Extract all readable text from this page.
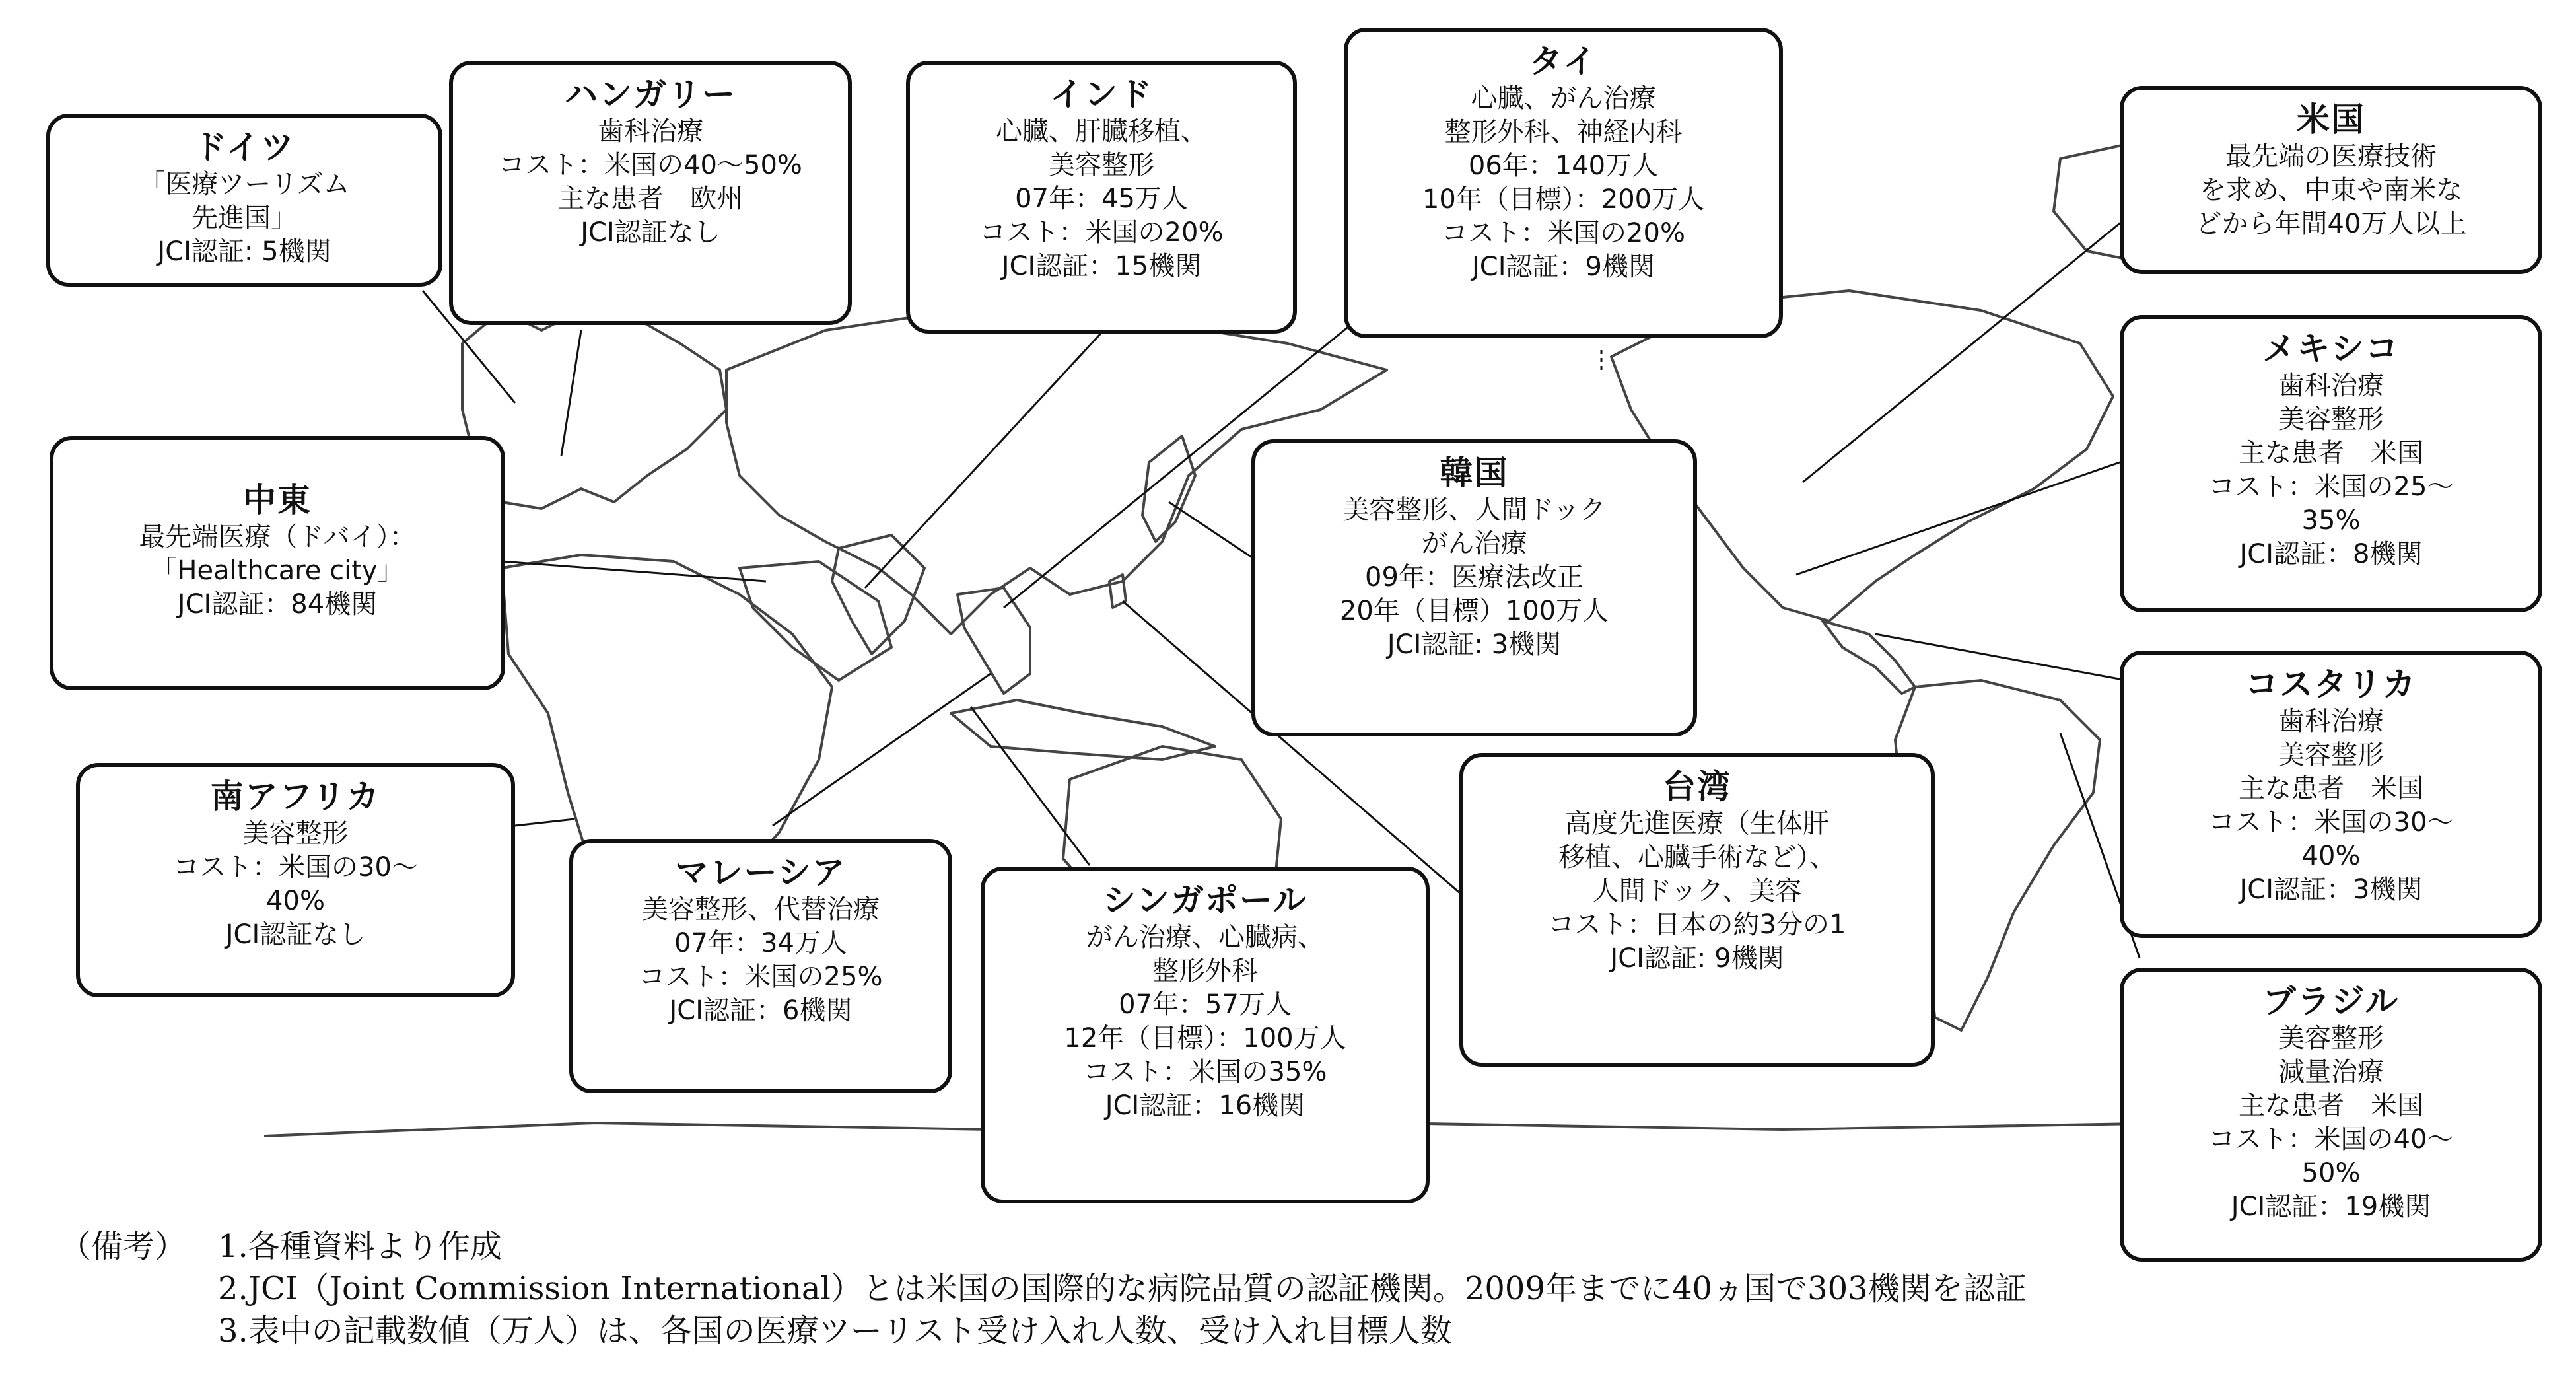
ドイツ
「医療ツーリズム
先進国」
JCI認証: 5機関
ハンガリー
歯科治療
コスト：米国の40～50%
主な患者　欧州
JCI認証なし
インド
心臓、肝臓移植、
美容整形
07年：45万人
コスト：米国の20%
JCI認証：15機関
タイ
心臓、がん治療
整形外科、神経内科
06年：140万人
10年（目標）：200万人
コスト：米国の20%
JCI認証：9機関
米国
最先端の医療技術
を求め、中東や南米な
どから年間40万人以上
中東
最先端医療（ドバイ）：
「Healthcare city」
JCI認証：84機関
韓国
美容整形、人間ドック
がん治療
09年：医療法改正
20年（目標）100万人
JCI認証: 3機関
メキシコ
歯科治療
美容整形
主な患者　米国
コスト：米国の25～
35%
JCI認証：8機関
コスタリカ
歯科治療
美容整形
主な患者　米国
コスト：米国の30～
40%
JCI認証：3機関
南アフリカ
美容整形
コスト：米国の30～
40%
JCI認証なし
マレーシア
美容整形、代替治療
07年：34万人
コスト：米国の25%
JCI認証：6機関
シンガポール
がん治療、心臓病、
整形外科
07年：57万人
12年（目標）：100万人
コスト：米国の35%
JCI認証：16機関
台湾
高度先進医療（生体肝
移植、心臓手術など）、
人間ドック、美容
コスト：日本の約3分の1
JCI認証: 9機関
ブラジル
美容整形
減量治療
主な患者　米国
コスト：米国の40～
50%
JCI認証：19機関
（備考） 1.各種資料より作成
2.JCI（Joint Commission International）とは米国の国際的な病院品質の認証機関。2009年までに40ヵ国で303機関を認証
3.表中の記載数値（万人）は、各国の医療ツーリスト受け入れ人数、受け入れ目標人数
